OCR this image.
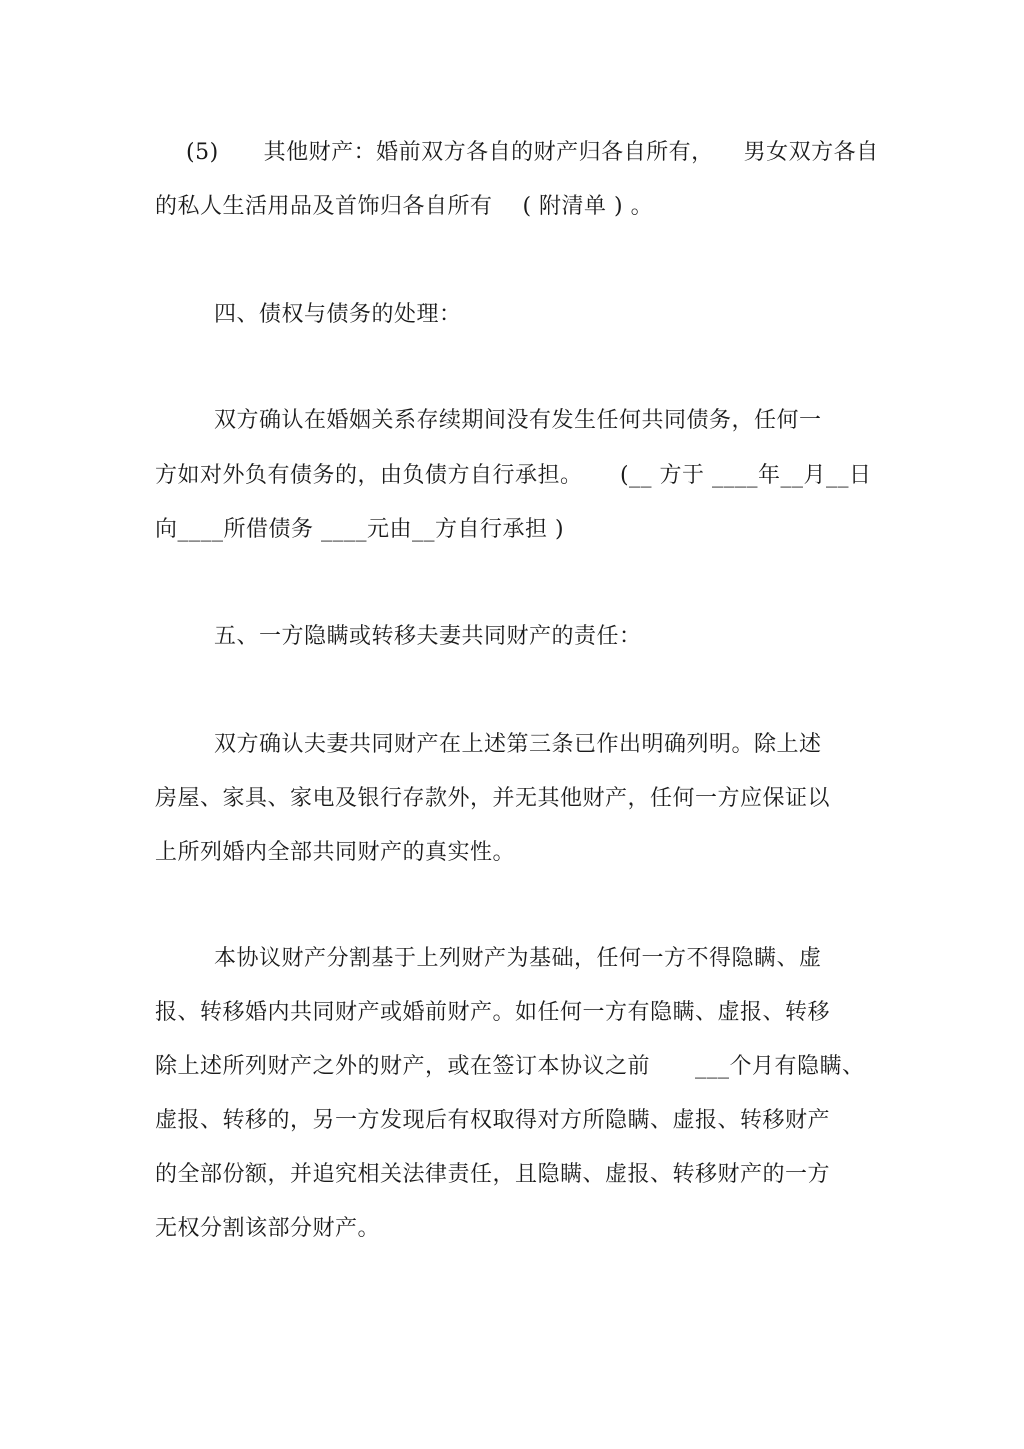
(5)      其他财产：婚前双方各自的财产归各自所有，    男女双方各自
的私人生活用品及首饰归各自所有    ( 附清单 ) 。
四、债权与债务的处理：
双方确认在婚姻关系存续期间没有发生任何共同债务，任何一
方如对外负有债务的，由负债方自行承担。     (__ 方于 ____年__月__日
向____所借债务 ____元由__方自行承担 )
五、一方隐瞒或转移夫妻共同财产的责任：
双方确认夫妻共同财产在上述第三条已作出明确列明。除上述
房屋、家具、家电及银行存款外，并无其他财产，任何一方应保证以
上所列婚内全部共同财产的真实性。
本协议财产分割基于上列财产为基础，任何一方不得隐瞒、虚
报、转移婚内共同财产或婚前财产。如任何一方有隐瞒、虚报、转移
除上述所列财产之外的财产，或在签订本协议之前      ___个月有隐瞒、
虚报、转移的，另一方发现后有权取得对方所隐瞒、虚报、转移财产
的全部份额，并追究相关法律责任，且隐瞒、虚报、转移财产的一方
无权分割该部分财产。
